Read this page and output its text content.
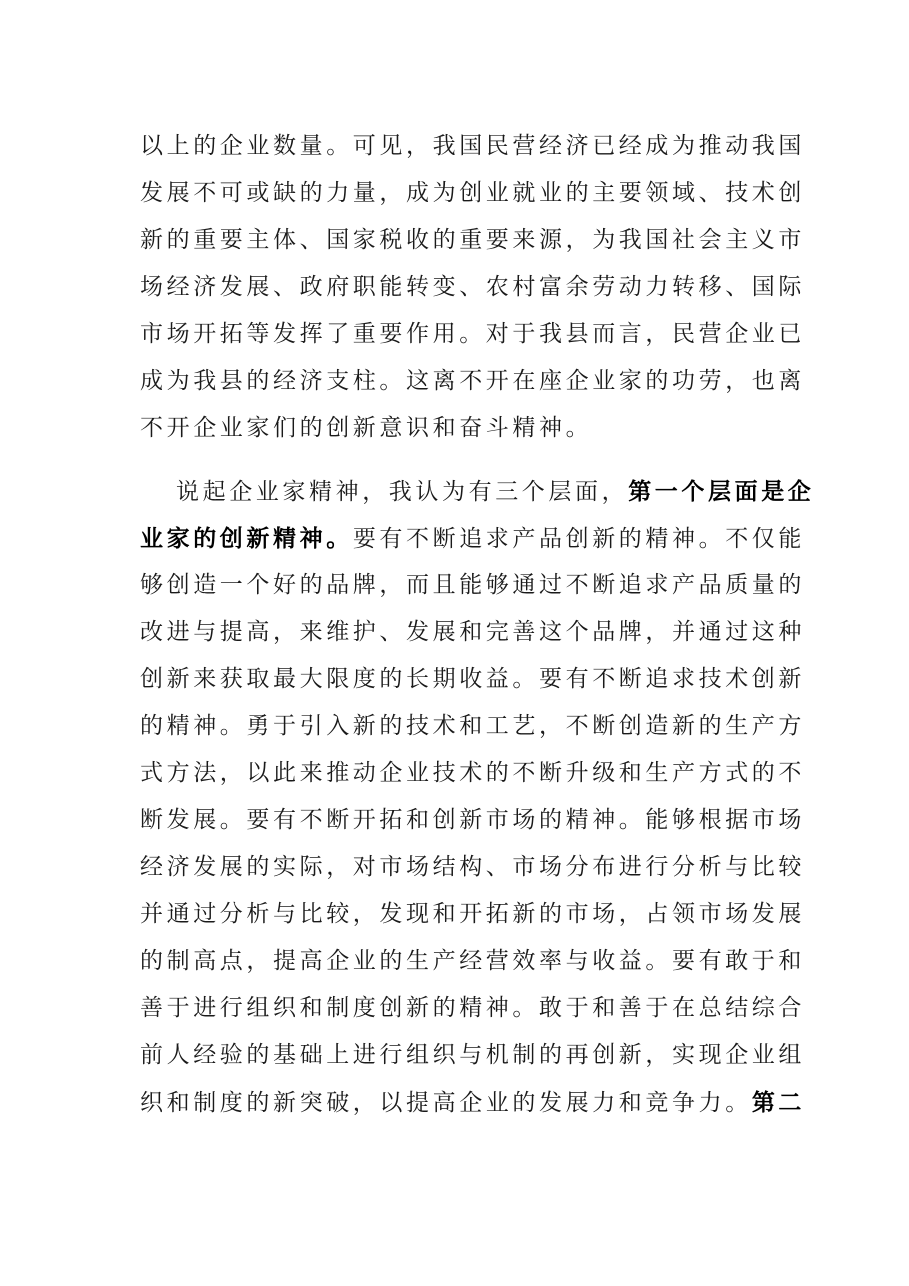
以上的企业数量。可见，我国民营经济已经成为推动我国
发展不可或缺的力量，成为创业就业的主要领域、技术创
新的重要主体、国家税收的重要来源，为我国社会主义市
场经济发展、政府职能转变、农村富余劳动力转移、国际
市场开拓等发挥了重要作用。对于我县而言，民营企业已
成为我县的经济支柱。这离不开在座企业家的功劳，也离
不开企业家们的创新意识和奋斗精神。
说起企业家精神，我认为有三个层面，第一个层面是企
业家的创新精神。要有不断追求产品创新的精神。不仅能
够创造一个好的品牌，而且能够通过不断追求产品质量的
改进与提高，来维护、发展和完善这个品牌，并通过这种
创新来获取最大限度的长期收益。要有不断追求技术创新
的精神。勇于引入新的技术和工艺，不断创造新的生产方
式方法，以此来推动企业技术的不断升级和生产方式的不
断发展。要有不断开拓和创新市场的精神。能够根据市场
经济发展的实际，对市场结构、市场分布进行分析与比较
并通过分析与比较，发现和开拓新的市场，占领市场发展
的制高点，提高企业的生产经营效率与收益。要有敢于和
善于进行组织和制度创新的精神。敢于和善于在总结综合
前人经验的基础上进行组织与机制的再创新，实现企业组
织和制度的新突破，以提高企业的发展力和竞争力。第二
